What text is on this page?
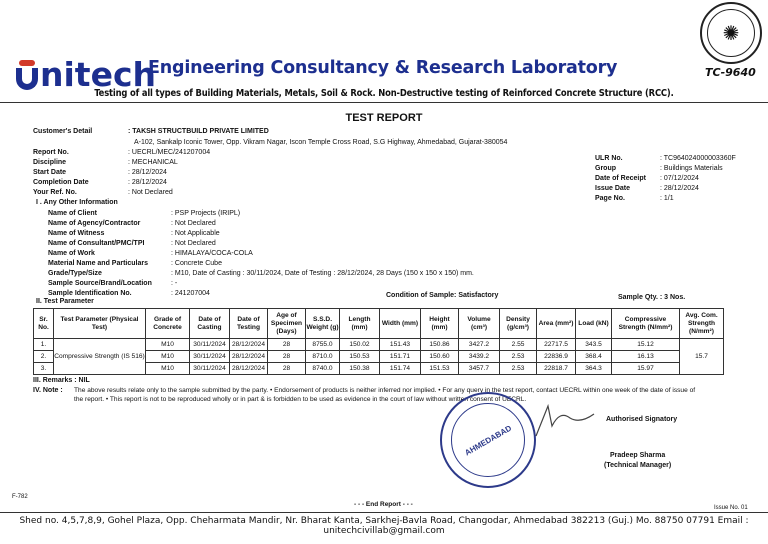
nitech
Engineering Consultancy & Research Laboratory
✺
TC-9640
Testing of all types of Building Materials, Metals, Soil & Rock. Non-Destructive testing of Reinforced Concrete Structure (RCC).
TEST REPORT
Customer's Detail	: TAKSH STRUCTBUILD PRIVATE LIMITED
A-102, Sankalp Iconic Tower, Opp. Vikram Nagar, Iscon Temple Cross Road, S.G Highway, Ahmedabad, Gujarat-380054
Report No.	: UECRL/MEC/241207004
Discipline	: MECHANICAL
Start Date	: 28/12/2024
Completion Date	: 28/12/2024
Your Ref. No.	: Not Declared
ULR No.	: TC964024000003360F
Group	: Buildings Materials
Date of Receipt : 07/12/2024
Issue Date	: 28/12/2024
Page No.	: 1/1
I . Any Other Information
Name of Client	: PSP Projects (IRIPL)
Name of Agency/Contractor	: Not Declared
Name of Witness	: Not Applicable
Name of Consultant/PMC/TPI	: Not Declared
Name of Work	: HIMALAYA/COCA-COLA
Material Name and Particulars	: Concrete Cube
Grade/Type/Size	: M10, Date of Casting : 30/11/2024, Date of Testing : 28/12/2024, 28 Days (150 x 150 x 150) mm.
Sample Source/Brand/Location	: -
Sample Identification No.	: 241207004	Condition of Sample: Satisfactory	Sample Qty. : 3 Nos.
II. Test Parameter
Sr. No.	Test Parameter (Physical Test)	Grade of Concrete	Date of Casting	Date of Testing	Age of Specimen (Days)	S.S.D. Weight (g)	Length (mm)	Width (mm)	Height (mm)	Volume (cm³)	Density (g/cm³)	Area (mm²)	Load (kN)	Compressive Strength (N/mm²)	Avg. Com. Strength (N/mm²)
1.	Compressive Strength (IS 516)	M10	30/11/2024	28/12/2024	28	8755.0	150.02	151.43	150.86	3427.2	2.55	22717.5	343.5	15.12	15.7
2.		M10	30/11/2024	28/12/2024	28	8710.0	150.53	151.71	150.60	3439.2	2.53	22836.9	368.4	16.13	
3.		M10	30/11/2024	28/12/2024	28	8740.0	150.38	151.74	151.53	3457.7	2.53	22818.7	364.3	15.97	
III. Remarks : NIL
IV. Note : The above results relate only to the sample submitted by the party. • Endorsement of products is neither inferred nor implied. • For any query in the test report, contact UECRL within one week of the date of issue of
the report. • This report is not to be reproduced wholly or in part & is forbidden to be used as evidence in the court of law without written consent of UECRL.
AHMEDABAD
Authorised Signatory
Pradeep Sharma
(Technical Manager)
F-782
- - - End Report - - -	Issue No. 01
Shed no. 4,5,7,8,9, Gohel Plaza, Opp. Cheharmata Mandir, Nr. Bharat Kanta, Sarkhej-Bavla Road, Changodar, Ahmedabad 382213 (Guj.) Mo. 88750 07791 Email : unitechcivillab@gmail.com
